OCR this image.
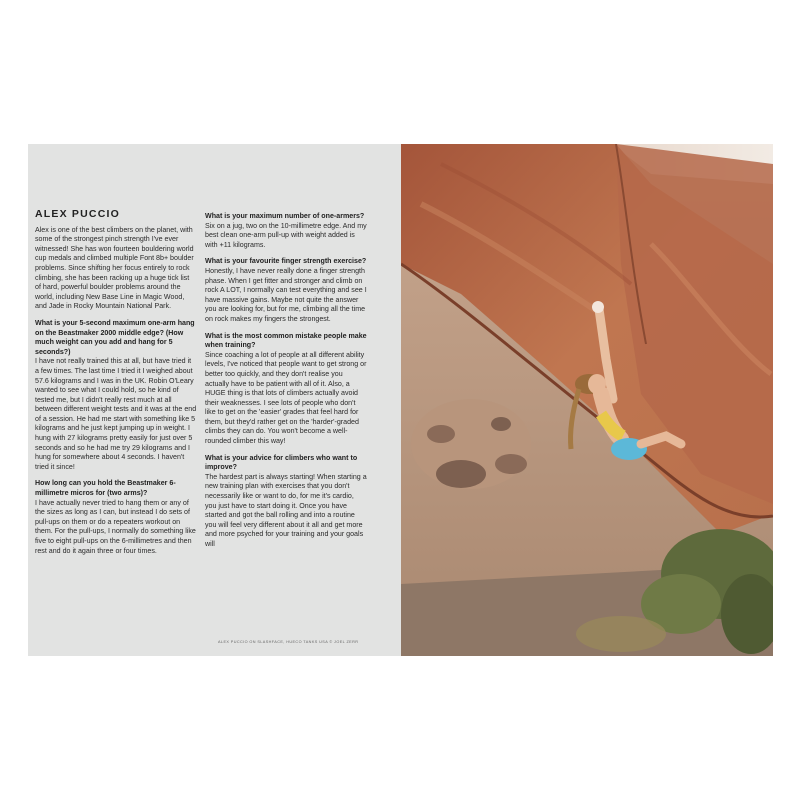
ALEX PUCCIO

Alex is one of the best climbers on the planet, with some of the strongest pinch strength I've ever witnessed! She has won fourteen bouldering world cup medals and climbed multiple Font 8b+ boulder problems. Since shifting her focus entirely to rock climbing, she has been racking up a huge tick list of hard, powerful boulder problems around the world, including New Base Line in Magic Wood, and Jade in Rocky Mountain National Park.

What is your 5-second maximum one-arm hang on the Beastmaker 2000 middle edge? (How much weight can you add and hang for 5 seconds?)

I have not really trained this at all, but have tried it a few times. The last time I tried it I weighed about 57.6 kilograms and I was in the UK. Robin O'Leary wanted to see what I could hold, so he kind of tested me, but I didn't really rest much at all between different weight tests and it was at the end of a session. He had me start with something like 5 kilograms and he just kept jumping up in weight. I hung with 27 kilograms pretty easily for just over 5 seconds and so he had me try 29 kilograms and I hung for somewhere about 4 seconds. I haven't tried it since!

How long can you hold the Beastmaker 6-millimetre micros for (two arms)?

I have actually never tried to hang them or any of the sizes as long as I can, but instead I do sets of pull-ups on them or do a repeaters workout on them. For the pull-ups, I normally do something like five to eight pull-ups on the 6-millimetres and then rest and do it again three or four times.

What is your maximum number of one-armers?

Six on a jug, two on the 10-millimetre edge. And my best clean one-arm pull-up with weight added is with +11 kilograms.

What is your favourite finger strength exercise?

Honestly, I have never really done a finger strength phase. When I get fitter and stronger and climb on rock A LOT, I normally can test everything and see I have massive gains. Maybe not quite the answer you are looking for, but for me, climbing all the time on rock makes my fingers the strongest.

What is the most common mistake people make when training?

Since coaching a lot of people at all different ability levels, I've noticed that people want to get strong or better too quickly, and they don't realise you actually have to be patient with all of it. Also, a HUGE thing is that lots of climbers actually avoid their weaknesses. I see lots of people who don't like to get on the 'easier' grades that feel hard for them, but they'd rather get on the 'harder'-graded climbs they can do. You won't become a well-rounded climber this way!

What is your advice for climbers who want to improve?

The hardest part is always starting! When starting a new training plan with exercises that you don't necessarily like or want to do, for me it's cardio, you just have to start doing it. Once you have started and got the ball rolling and into a routine you will feel very different about it all and get more and more psyched for your training and your goals will

ALEX PUCCIO ON SLASHFACE, HUECO TANKS USA © JOEL ZERR
